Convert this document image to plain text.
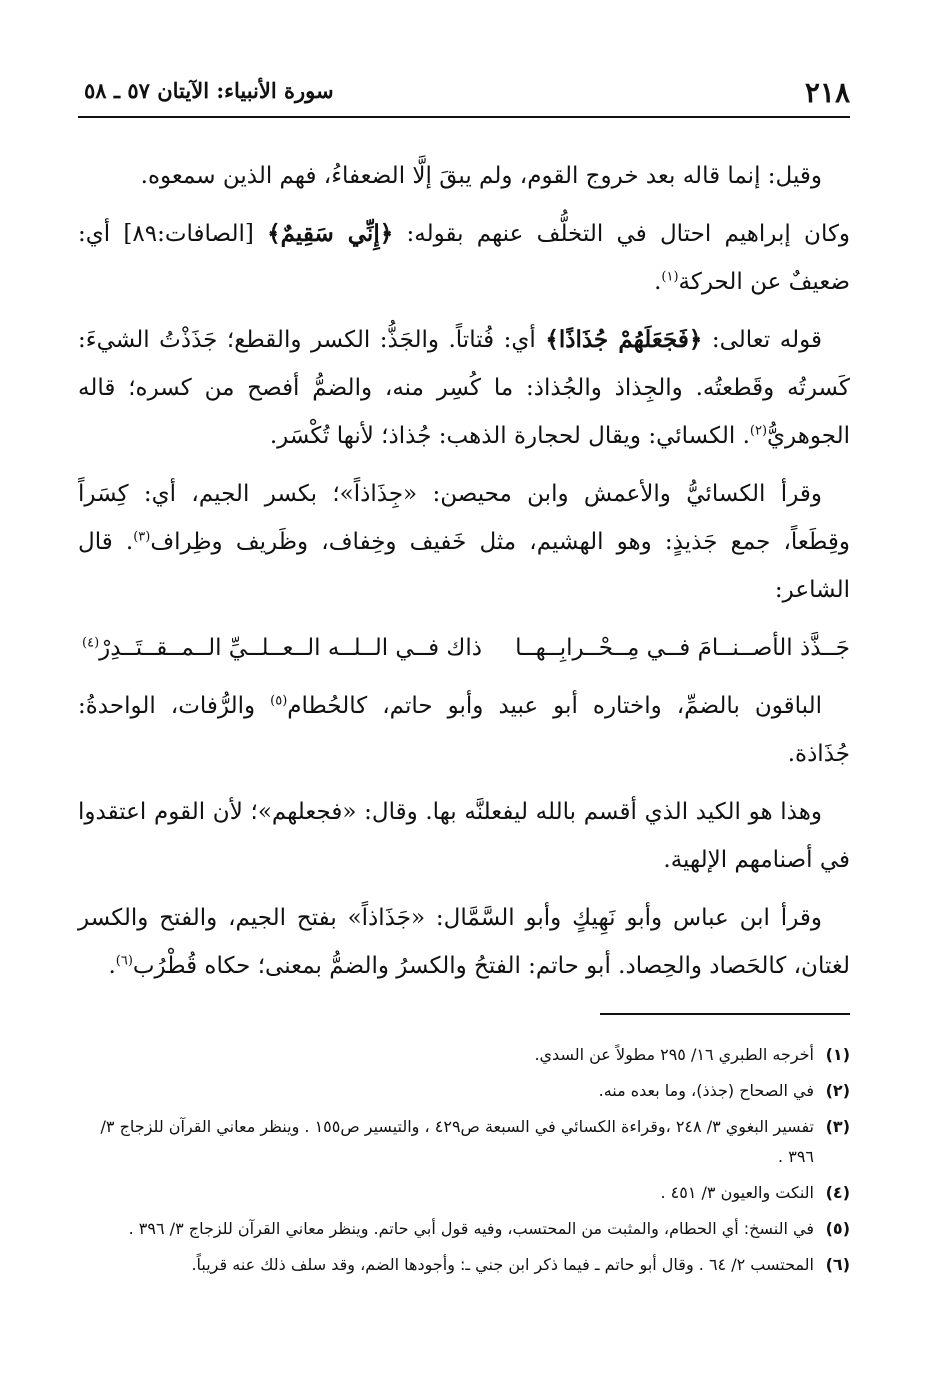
٢١٨
سورة الأنبياء: الآيتان ٥٧ ـ ٥٨

وقيل: إنما قاله بعد خروج القوم، ولم يبقَ إلَّا الضعفاءُ، فهم الذين سمعوه.

وكان إبراهيم احتال في التخلُّف عنهم بقوله: ﴿إِنِّي سَقِيمٌ﴾ [الصافات:٨٩] أي: ضعيفٌ عن الحركة$^{(١)}$.

قوله تعالى: ﴿فَجَعَلَهُمْ جُذَاذًا﴾ أي: فُتاتاً. والجَذُّ: الكسر والقطع؛ جَذَذْتُ الشيءَ: كَسرتُه وقَطعتُه. والجِذاذ والجُذاذ: ما كُسِر منه، والضمُّ أفصح من كسره؛ قاله الجوهريُّ$^{(٢)}$. الكسائي: ويقال لحجارة الذهب: جُذاذ؛ لأنها تُكْسَر.

وقرأ الكسائيُّ والأعمش وابن محيصن: «جِذَاذاً»؛ بكسر الجيم، أي: كِسَراً وقِطَعاً، جمع جَذيذٍ: وهو الهشيم، مثل خَفيف وخِفاف، وظَريف وظِراف$^{(٣)}$. قال الشاعر:

جَــذَّذ الأصــنــامَ فــي مِــحْــرابِــهــا
ذاك فــي الــلــه الــعــلــيِّ الــمــقــتَــدِرْ$^{(٤)}$

الباقون بالضمِّ، واختاره أبو عبيد وأبو حاتم، كالحُطام$^{(٥)}$ والرُّفات، الواحدةُ: جُذَاذة.

وهذا هو الكيد الذي أقسم بالله ليفعلنَّه بها. وقال: «فجعلهم»؛ لأن القوم اعتقدوا في أصنامهم الإلهية.

وقرأ ابن عباس وأبو نَهِيكٍ وأبو السَّمَّال: «جَذَاذاً» بفتح الجيم، والفتح والكسر لغتان، كالحَصاد والحِصاد. أبو حاتم: الفتحُ والكسرُ والضمُّ بمعنى؛ حكاه قُطْرُب$^{(٦)}$.

(١)
أخرجه الطبري ١٦/ ٢٩٥ مطولاً عن السدي.
(٢)
في الصحاح (جذذ)، وما بعده منه.
(٣)
تفسير البغوي ٣/ ٢٤٨ ،وقراءة الكسائي في السبعة ص٤٢٩ ، والتيسير ص١٥٥ . وينظر معاني القرآن للزجاج ٣/ ٣٩٦ .
(٤)
النكت والعيون ٣/ ٤٥١ .
(٥)
في النسخ: أي الحطام، والمثبت من المحتسب، وفيه قول أبي حاتم. وينظر معاني القرآن للزجاج ٣/ ٣٩٦ .
(٦)
المحتسب ٢/ ٦٤ . وقال أبو حاتم ـ فيما ذكر ابن جني ـ: وأجودها الضم، وقد سلف ذلك عنه قريباً.
